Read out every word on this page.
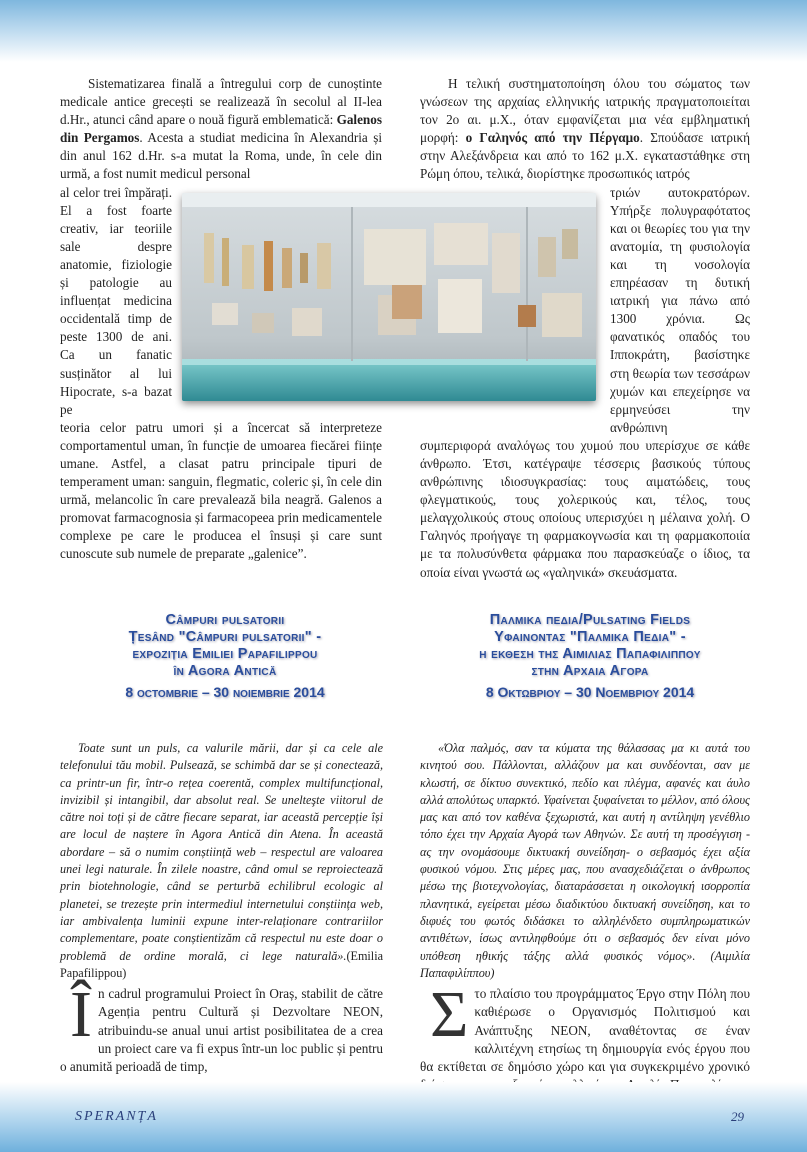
Sistematizarea finală a întregului corp de cunoștinte medicale antice grecești se realizează în secolul al II-lea d.Hr., atunci când apare o nouă figură emblematică: Galenos din Pergamos. Acesta a studiat medicina în Alexandria și din anul 162 d.Hr. s-a mutat la Roma, unde, în cele din urmă, a fost numit medicul personal

al celor trei împărați. El a fost foarte creativ, iar teoriile sale despre anatomie, fiziologie și patologie au influențat medicina occidentală timp de peste 1300 de ani. Ca un fanatic susținător al lui Hipocrate, s-a bazat pe

teoria celor patru umori și a încercat să interpreteze comportamentul uman, în funcție de umoarea fiecărei ființe umane. Astfel, a clasat patru principale tipuri de temperament uman: sanguin, flegmatic, coleric și, în cele din urmă, melancolic în care prevalează bila neagră. Galenos a promovat farmacognosia și farmacopeea prin medicamentele complexe pe care le producea el însuși și care sunt cunoscute sub numele de preparate „galenice”.

Η τελική συστηματοποίηση όλου του σώματος των γνώσεων της αρχαίας ελληνικής ιατρικής πραγματοποιείται τον 2ο αι. μ.Χ., όταν εμφανίζεται μια νέα εμβληματική μορφή: ο Γαληνός από την Πέργαμο. Σπούδασε ιατρική στην Αλεξάνδρεια και από το 162 μ.Χ. εγκαταστάθηκε στη Ρώμη όπου, τελικά, διορίστηκε προσωπικός ιατρός

τριών αυτοκρατόρων. Υπήρξε πολυγραφότατος και οι θεωρίες του για την ανατομία, τη φυσιολογία και τη νοσολογία επηρέασαν τη δυτική ιατρική για πάνω από 1300 χρόνια. Ως φανατικός οπαδός του Ιπποκράτη, βασίστηκε στη θεωρία των τεσσάρων χυμών και επεχείρησε να ερμηνεύσει την ανθρώπινη

συμπεριφορά αναλόγως του χυμού που υπερίσχυε σε κάθε άνθρωπο. Έτσι, κατέγραψε τέσσερις βασικούς τύπους ανθρώπινης ιδιοσυγκρασίας: τους αιματώδεις, τους φλεγματικούς, τους χολερικούς και, τέλος, τους μελαγχολικούς στους οποίους υπερισχύει η μέλαινα χολή. Ο Γαληνός προήγαγε τη φαρμακογνωσία και τη φαρμακοποιία με τα πολυσύνθετα φάρμακα που παρασκεύαζε ο ίδιος, τα οποία είναι γνωστά ως «γαληνικά» σκευάσματα.

Câmpuri pulsatorii
Țesând "Câmpuri pulsatorii" -
expoziția Emiliei Papafilippou
în Agora Antică
8 octombrie – 30 noiembrie 2014
Παλμικα πεδια/Pulsating Fields
Υφαινοντας "Παλμικα Πεδια" -
η εκθεση της Αιμιλιας Παπαφιλιππου
στην Αρχαια Αγορα
8 Οκτωβριου – 30 Νοεμβριου 2014
Toate sunt un puls, ca valurile mării, dar și ca cele ale telefonului tău mobil. Pulsează, se schimbă dar se și conectează, ca printr-un fir, într-o rețea coerentă, complex multifuncțional, invizibil și intangibil, dar absolut real. Se unelteşte viitorul de către noi toți și de către fiecare separat, iar această percepție își are locul de naștere în Agora Antică din Atena. În această abordare – să o numim conștiință web – respectul are valoarea unei legi naturale. În zilele noastre, când omul se reproiectează prin biotehnologie, când se perturbă echilibrul ecologic al planetei, se trezește prin intermediul internetului conștiința web, iar ambivalența luminii expune inter-relaționare contrariilor complementare, poate conștientizăm că respectul nu este doar o problemă de ordine morală, ci lege naturală».(Emilia Papafilippou)
«Όλα παλμός, σαν τα κύματα της θάλασσας μα κι αυτά του κινητού σου. Πάλλονται, αλλάζουν μα και συνδέονται, σαν με κλωστή, σε δίκτυο συνεκτικό, πεδίο και πλέγμα, αφανές και άυλο αλλά απολύτως υπαρκτό. Υφαίνεται ξυφαίνεται το μέλλον, από όλους μας και από τον καθένα ξεχωριστά, και αυτή η αντίληψη γενέθλιο τόπο έχει την Αρχαία Αγορά των Αθηνών. Σε αυτή τη προσέγγιση - ας την ονομάσουμε δικτυακή συνείδηση- ο σεβασμός έχει αξία φυσικού νόμου. Στις μέρες μας, που ανασχεδιάζεται ο άνθρωπος μέσω της βιοτεχνολογίας, διαταράσσεται η οικολογική ισορροπία πλανητικά, εγείρεται μέσω διαδικτύου δικτυακή συνείδηση, και το διφυές του φωτός διδάσκει το αλληλένδετο συμπληρωματικών αντιθέτων, ίσως αντιληφθούμε ότι ο σεβασμός δεν είναι μόνο υπόθεση ηθικής τάξης αλλά φυσικός νόμος». (Αιμιλία Παπαφιλίππου)
În cadrul programului Proiect în Oraș, stabilit de către Agenția pentru Cultură și Dezvoltare NEON, atribuindu-se anual unui artist posibilitatea de a crea un proiect care va fi expus într-un loc public și pentru o anumită perioadă de timp,
Στο πλαίσιο του προγράμματος Έργο στην Πόλη που καθιέρωσε ο Οργανισμός Πολιτισμού και Ανάπτυξης NEON, αναθέτοντας σε έναν καλλιτέχνη ετησίως τη δημιουργία ενός έργου που θα εκτίθεται σε δημόσιο χώρο και για συγκεκριμένο χρονικό
SPERANȚA	29
